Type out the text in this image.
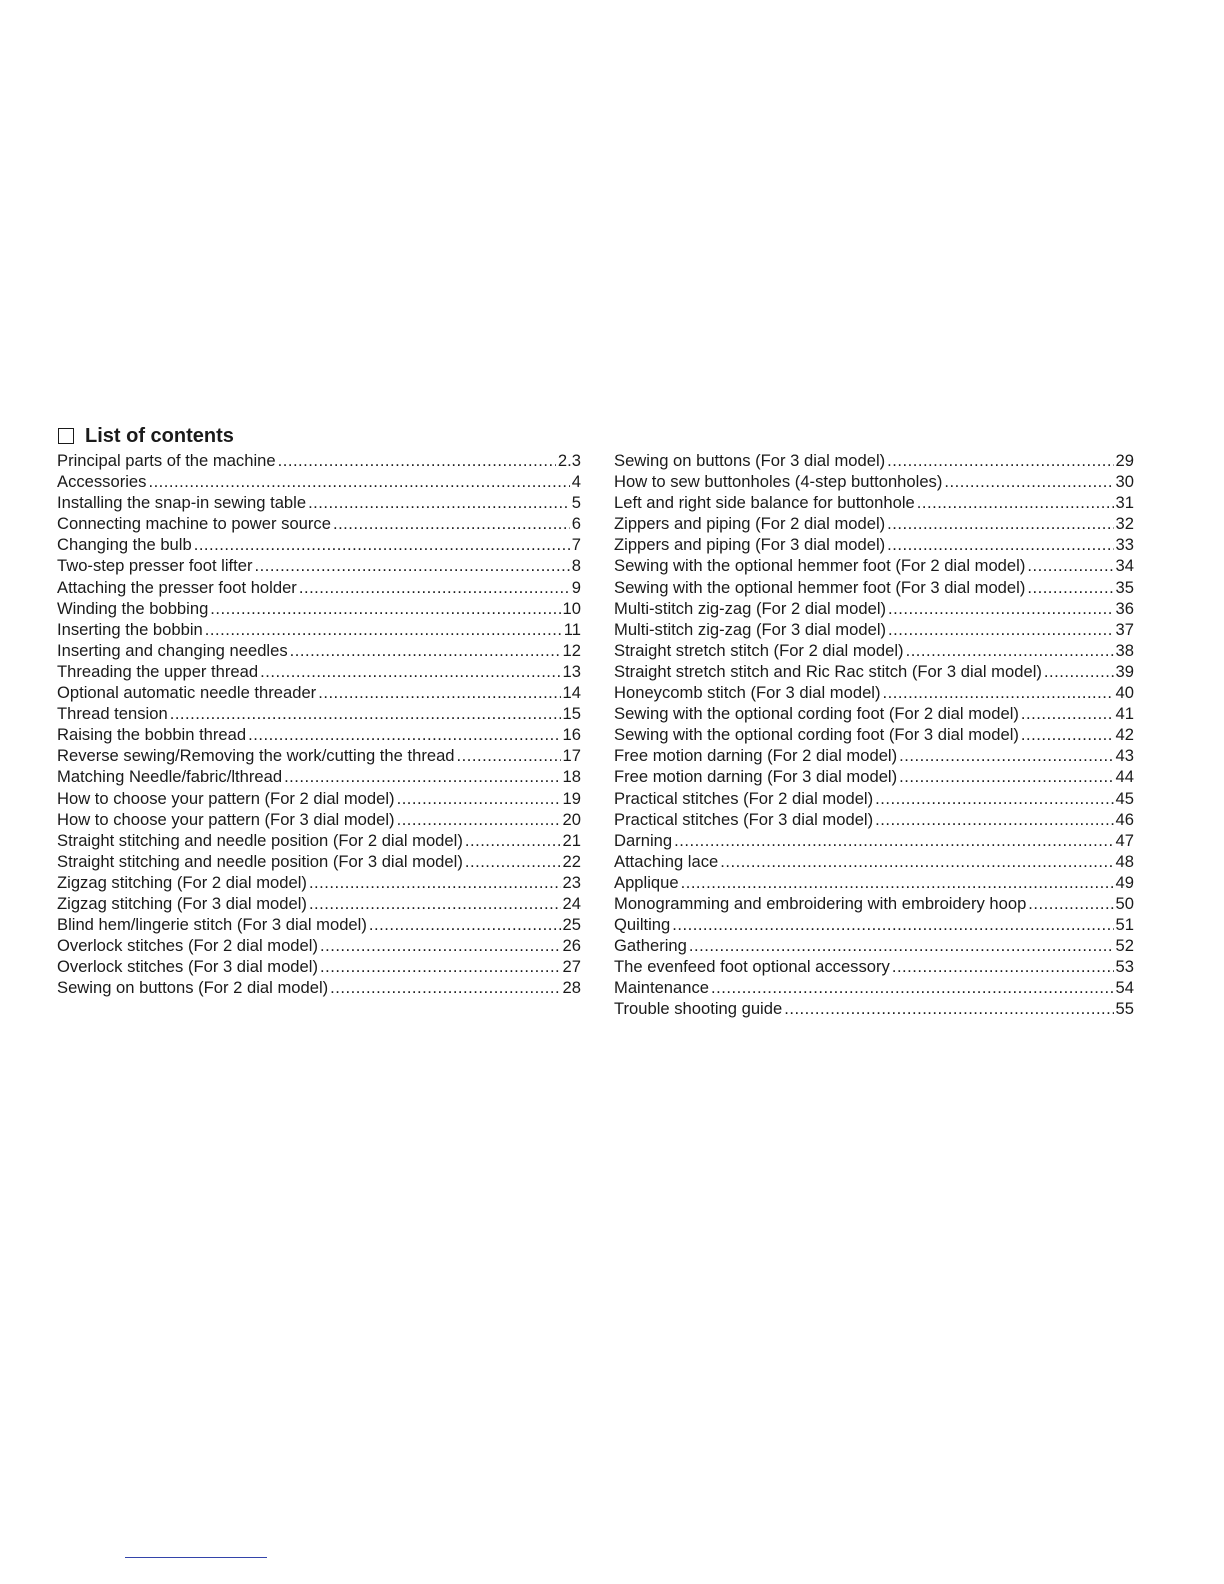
List of contents
Principal parts of the machine .....	2.3
Accessories .....	4
Installing the snap-in sewing table .....	5
Connecting machine to power source .....	6
Changing the bulb .....	7
Two-step presser foot lifter .....	8
Attaching the presser foot holder .....	9
Winding the bobbing .....	10
Inserting the bobbin .....	11
Inserting and changing needles .....	12
Threading the upper thread .....	13
Optional automatic needle threader .....	14
Thread tension .....	15
Raising the bobbin thread .....	16
Reverse sewing/Removing the work/cutting the thread .....	17
Matching Needle/fabric/lthread .....	18
How to choose your pattern (For 2 dial model) .....	19
How to choose your pattern (For 3 dial model) .....	20
Straight stitching and needle position (For 2 dial model) .....	21
Straight stitching and needle position (For 3 dial model) .....	22
Zigzag stitching (For 2 dial model) .....	23
Zigzag stitching (For 3 dial model) .....	24
Blind hem/lingerie stitch (For 3 dial model) .....	25
Overlock stitches (For 2 dial model) .....	26
Overlock stitches (For 3 dial model) .....	27
Sewing on buttons (For 2 dial model) .....	28
Sewing on buttons (For 3 dial model) .....	29
How to sew buttonholes (4-step buttonholes) .....	30
Left and right side balance for buttonhole .....	31
Zippers and piping (For 2 dial model) .....	32
Zippers and piping (For 3 dial model) .....	33
Sewing with the optional hemmer foot (For 2 dial model) .....	34
Sewing with the optional hemmer foot (For 3 dial model) .....	35
Multi-stitch zig-zag (For 2 dial model) .....	36
Multi-stitch zig-zag (For 3 dial model) .....	37
Straight stretch stitch (For 2 dial model) .....	38
Straight stretch stitch and Ric Rac stitch (For 3 dial model) .....	39
Honeycomb stitch (For 3 dial model) .....	40
Sewing with the optional cording foot (For 2 dial model) .....	41
Sewing with the optional cording foot (For 3 dial model) .....	42
Free motion darning (For 2 dial model) .....	43
Free motion darning (For 3 dial model) .....	44
Practical stitches (For 2 dial model) .....	45
Practical stitches (For 3 dial model) .....	46
Darning .....	47
Attaching lace .....	48
Applique .....	49
Monogramming and embroidering with embroidery hoop .....	50
Quilting .....	51
Gathering .....	52
The evenfeed foot optional accessory .....	53
Maintenance .....	54
Trouble shooting guide .....	55
